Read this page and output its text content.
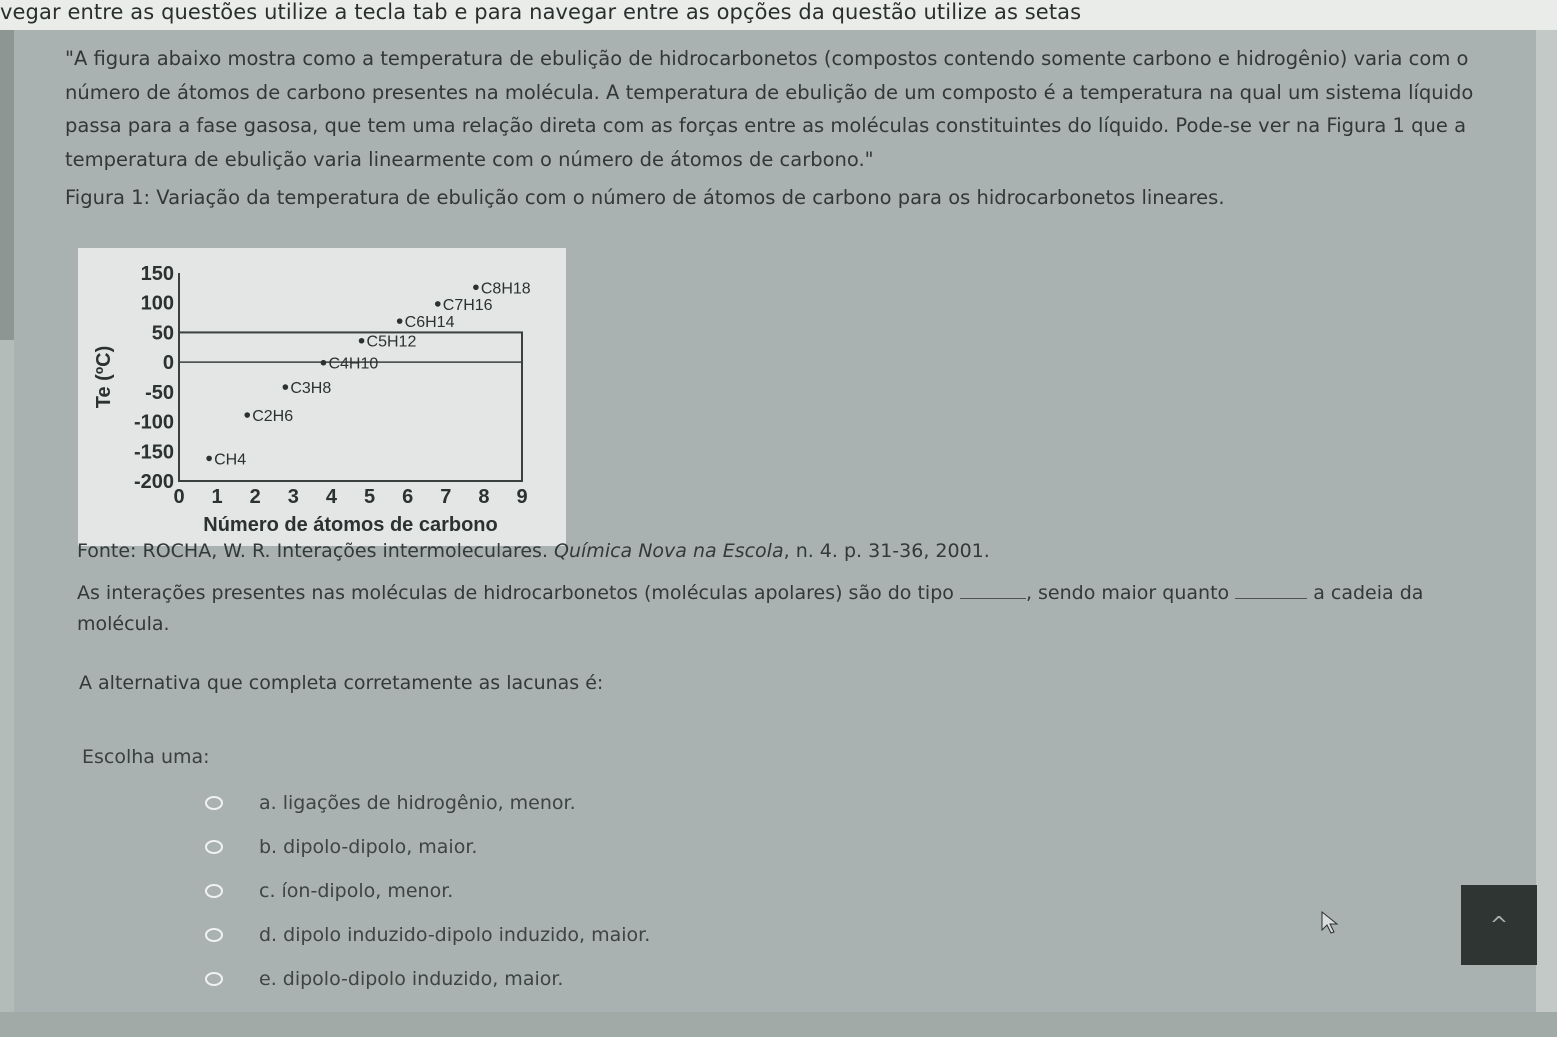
vegar entre as questões utilize a tecla tab e para navegar entre as opções da questão utilize as setas

"A figura abaixo mostra como a temperatura de ebulição de hidrocarbonetos (compostos contendo somente carbono e hidrogênio) varia com o número de átomos de carbono presentes na molécula. A temperatura de ebulição de um composto é a temperatura na qual um sistema líquido passa para a fase gasosa, que tem uma relação direta com as forças entre as moléculas constituintes do líquido. Pode-se ver na Figura 1 que a temperatura de ebulição varia linearmente com o número de átomos de carbono."

Figura 1: Variação da temperatura de ebulição com o número de átomos de carbono para os hidrocarbonetos lineares.
150
100
50
0
-50
-100
-150
-200
0 1 2 3 4 5 6 7 8 9
Número de átomos de carbono
Te (ºC)
CH4
C2H6
C3H8
C4H10
C5H12
C6H14
C7H16
C8H18
Fonte: ROCHA, W. R. Interações intermoleculares. Química Nova na Escola, n. 4. p. 31-36, 2001.
As interações presentes nas moléculas de hidrocarbonetos (moléculas apolares) são do tipo	, sendo maior quanto	a cadeia da molécula.
A alternativa que completa corretamente as lacunas é:
Escolha uma:
a. ligações de hidrogênio, menor.
b. dipolo-dipolo, maior.
c. íon-dipolo, menor.
d. dipolo induzido-dipolo induzido, maior.
e. dipolo-dipolo induzido, maior.
^
